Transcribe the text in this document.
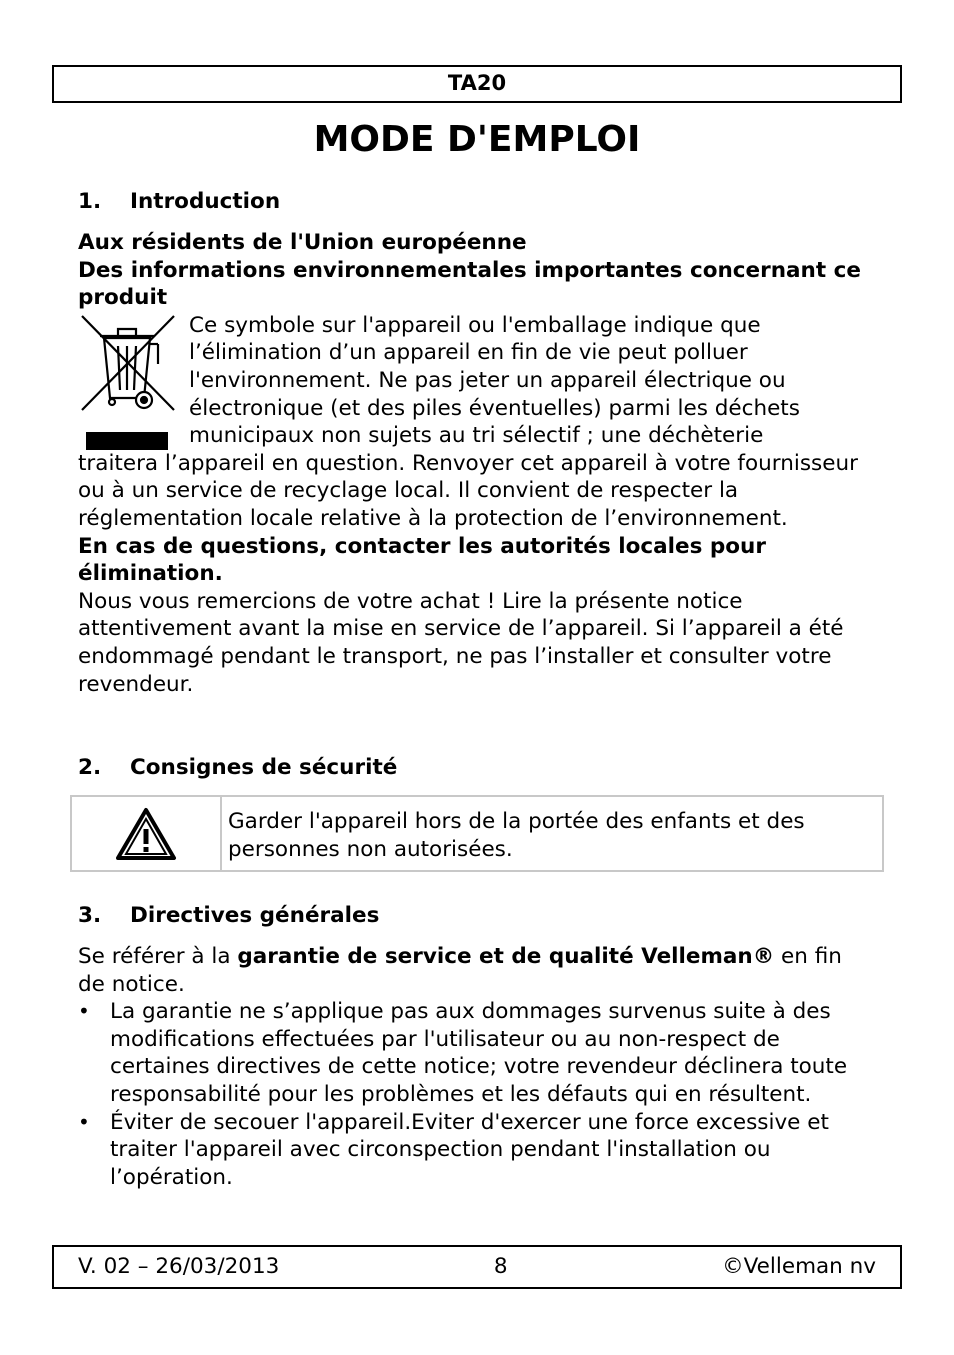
TA20
MODE D'EMPLOI
1. Introduction

Aux résidents de l'Union européenne

Des informations environnementales importantes concernant ce produit

Ce symbole sur l'appareil ou l'emballage indique que

l’élimination d’un appareil en fin de vie peut polluer

l'environnement. Ne pas jeter un appareil électrique ou

électronique (et des piles éventuelles) parmi les déchets

municipaux non sujets au tri sélectif ; une déchèterie

traitera l’appareil en question. Renvoyer cet appareil à votre fournisseur ou à un service de recyclage local. Il convient de respecter la réglementation locale relative à la protection de l’environnement.

En cas de questions, contacter les autorités locales pour élimination.

Nous vous remercions de votre achat ! Lire la présente notice attentivement avant la mise en service de l’appareil. Si l’appareil a été endommagé pendant le transport, ne pas l’installer et consulter votre revendeur.

2. Consignes de sécurité
Garder l'appareil hors de la portée des enfants et des personnes non autorisées.
3. Directives générales

Se référer à la garantie de service et de qualité Velleman® en fin de notice.

• La garantie ne s’applique pas aux dommages survenus suite à des modifications effectuées par l'utilisateur ou au non-respect de certaines directives de cette notice; votre revendeur déclinera toute responsabilité pour les problèmes et les défauts qui en résultent.
• Éviter de secouer l'appareil.Eviter d'exercer une force excessive et traiter l'appareil avec circonspection pendant l'installation ou l’opération.
V. 02 – 26/03/2013	8	©Velleman nv
